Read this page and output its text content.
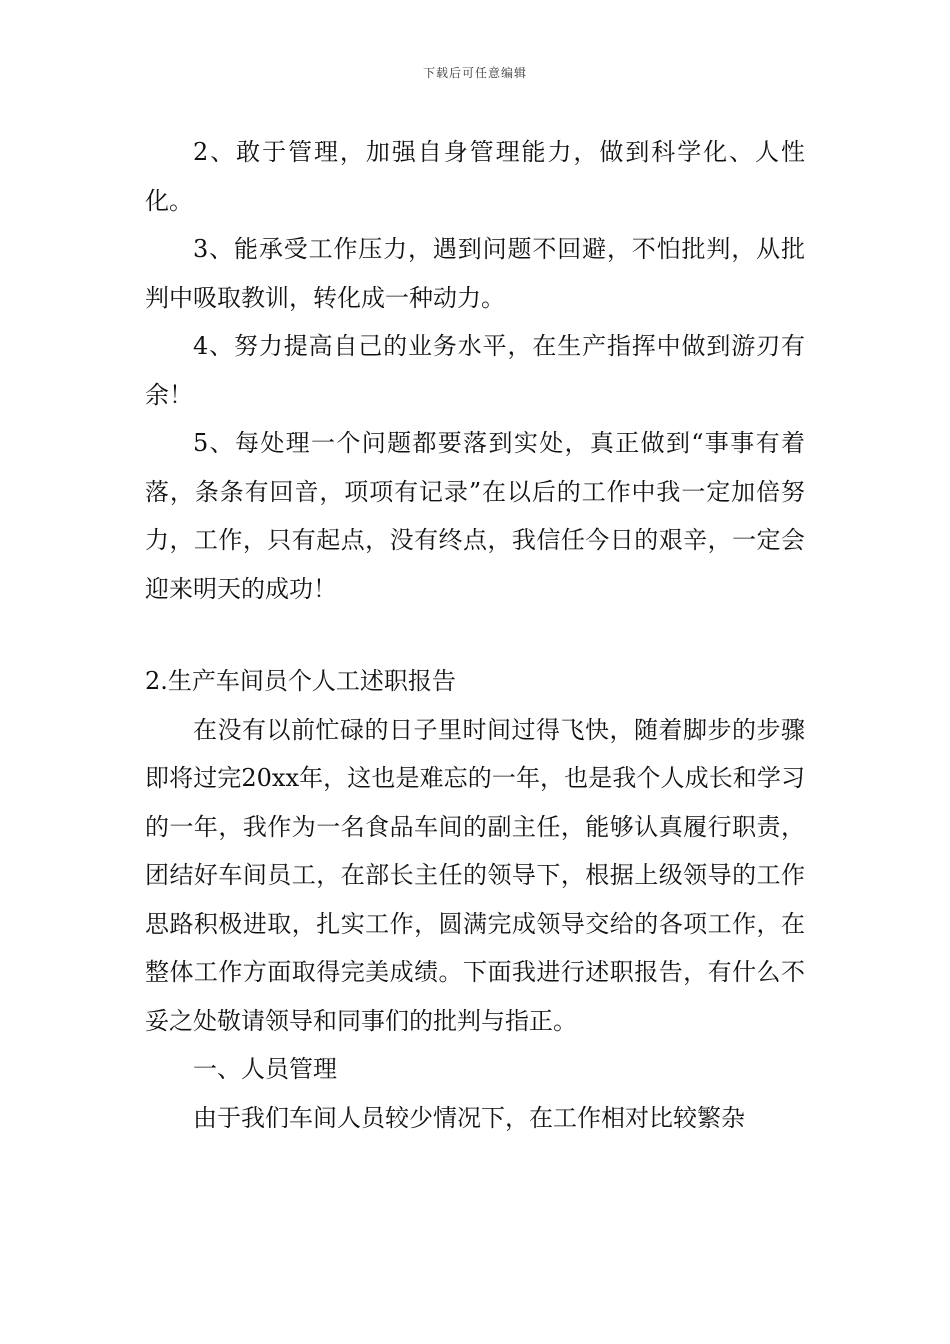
下载后可任意编辑

2、敢于管理，加强自身管理能力，做到科学化、人性化。

3、能承受工作压力，遇到问题不回避，不怕批判，从批判中吸取教训，转化成一种动力。

4、努力提高自己的业务水平，在生产指挥中做到游刃有余！

5、每处理一个问题都要落到实处，真正做到“事事有着落，条条有回音，项项有记录”在以后的工作中我一定加倍努力，工作，只有起点，没有终点，我信任今日的艰辛，一定会迎来明天的成功！

2.生产车间员个人工述职报告

在没有以前忙碌的日子里时间过得飞快，随着脚步的步骤即将过完20xx年，这也是难忘的一年，也是我个人成长和学习的一年，我作为一名食品车间的副主任，能够认真履行职责，团结好车间员工，在部长主任的领导下，根据上级领导的工作思路积极进取，扎实工作，圆满完成领导交给的各项工作，在整体工作方面取得完美成绩。下面我进行述职报告，有什么不妥之处敬请领导和同事们的批判与指正。

一、人员管理

由于我们车间人员较少情况下，在工作相对比较繁杂
